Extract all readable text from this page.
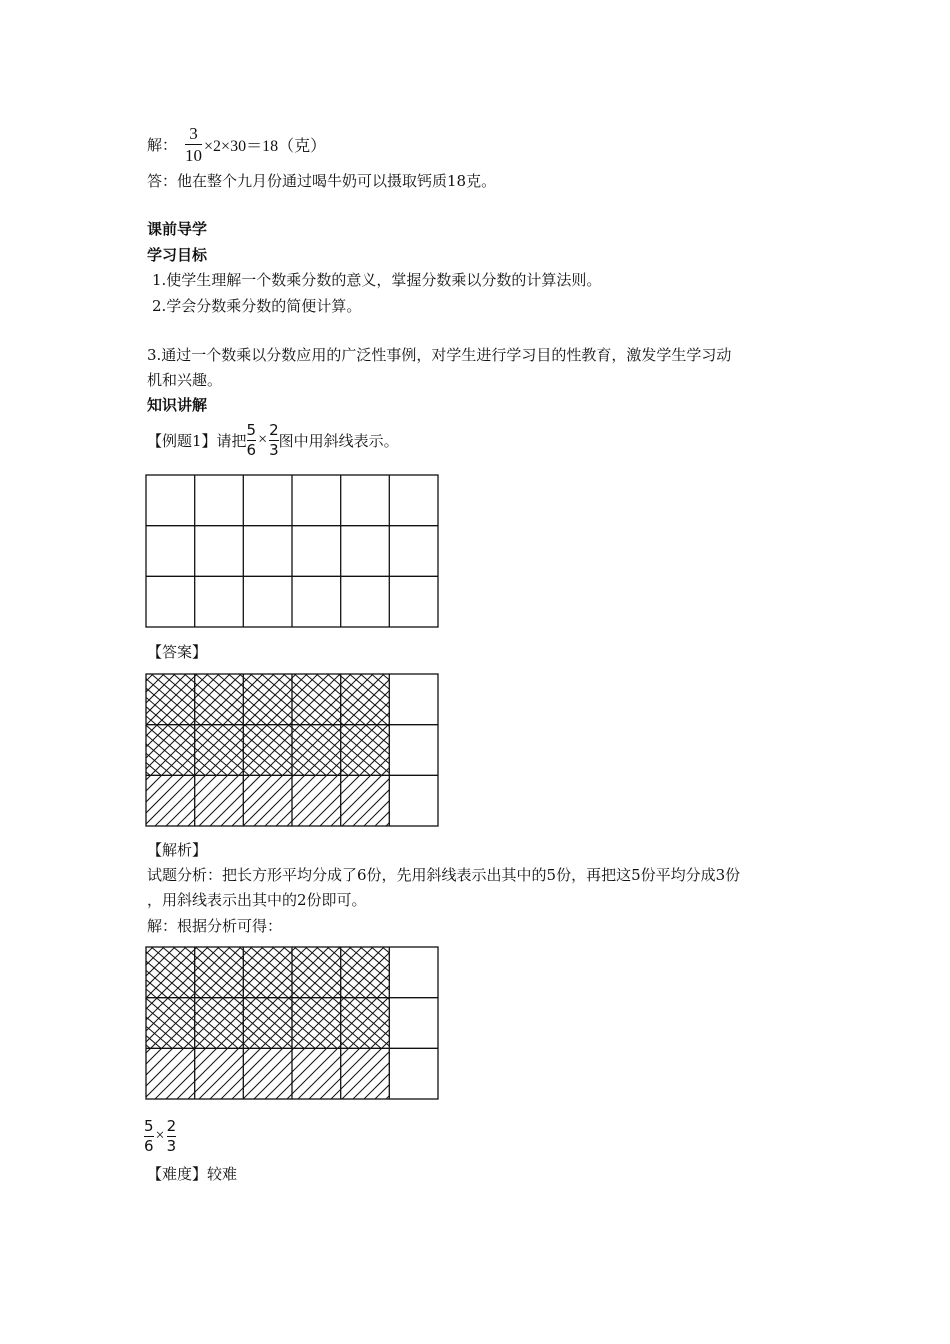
解： $\frac{3}{10} \times 2\times 30=18$（克）
答：他在整个九月份通过喝牛奶可以摄取钙质18克。
课前导学
学习目标
1.使学生理解一个数乘分数的意义，掌握分数乘以分数的计算法则。
2.学会分数乘分数的简便计算。
3.通过一个数乘以分数应用的广泛性事例，对学生进行学习目的性教育，激发学生学习动
机和兴趣。
知识讲解
【例题1】请把 $\frac{5}{6} \times \frac{2}{3}$ 图中用斜线表示。
【答案】
【解析】
试题分析：把长方形平均分成了6份，先用斜线表示出其中的5份，再把这5份平均分成3份
，用斜线表示出其中的2份即可。
解：根据分析可得：
$\frac{5}{6} \times \frac{2}{3}$
【难度】较难
